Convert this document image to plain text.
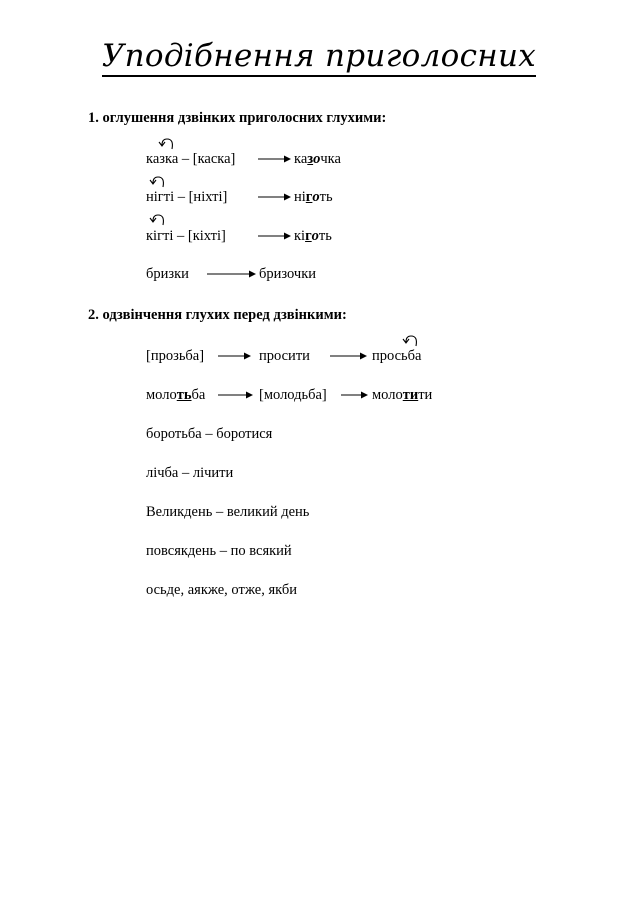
Уподібнення приголосних
1. оглушення дзвінких приголосних глухими:
казка – [каска]	казочка
нігті – [ніхті]	ніготь
кігті – [кіхті]	кіготь
бризки	бризочки
2. одзвінчення глухих перед дзвінкими:
[прозьба]	просити	просьба
молотьба	[молодьба]	молотити
боротьба – боротися
лічба – лічити
Великдень – великий день
повсякдень – по всякий
осьде, аякже, отже, якби
